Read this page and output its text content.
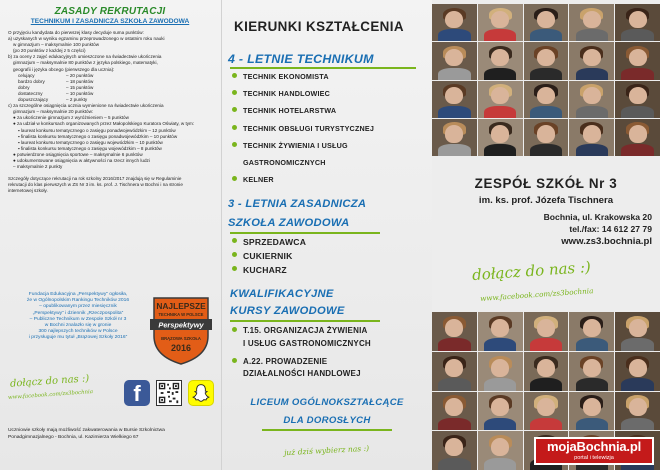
ZASADY REKRUTACJI
TECHNIKUM I ZASADNICZA SZKOŁA ZAWODOWA
O przyjęciu kandydata do pierwszej klasy decyduje suma punktów:
a) uzyskanych w wyniku egzaminu przeprowadzonego w ostatnim roku nauki
w gimnazjum – maksymalnie 100 punktów
(po 20 punktów z każdej z 5 części)
b) za oceny z zajęć edukacyjnych umieszczone na świadectwie ukończenia
gimnazjum – maksymalnie 80 punktów z języka polskiego, matematyki,
geografii i języka obcego (pierwszego dla ucznia):
celujący	– 20 punktów
bardzo dobry	– 18 punktów
dobry	– 15 punktów
dostateczny	– 10 punktów
dopuszczający	– 2 punkty
c) za szczególne osiągnięcia ucznia wymienione na świadectwie ukończenia
gimnazjum – maksymalnie 20 punktów:
● za ukończenie gimnazjum z wyróżnieniem – 5 punktów
● za udział w konkursach organizowanych przez Małopolskiego Kuratora Oświaty, w tym:
▪ laureat konkursu tematycznego o zasięgu ponadwojewódzkim – 12 punktów
▪ finalista konkursu tematycznego o zasięgu ponadwojewódzkim – 10 punktów
▪ laureat konkursu tematycznego o zasięgu wojewódzkim – 10 punktów
▪ finalista konkursu tematycznego o zasięgu wojewódzkim – 8 punktów
● potwierdzone osiągnięcia sportowe – maksymalnie 6 punktów
● udokumentowane osiągnięcia w aktywności na rzecz innych ludzi
– maksymalnie 2 punkty
Szczegóły dotyczące rekrutacji na rok szkolny 2016/2017 znajdują się w Regulaminie
rekrutacji do klas pierwszych w ZS Nr 3 im. ks. prof. J. Tischnera w Bochni i na stronie
internetowej szkoły.
Fundacja Edukacyjna „Perspektywy” ogłosiła,
że w Ogólnopolskim Rankingu Techników 2016
– opublikowanym przez miesięcznik
„Perspektywy” i dziennik „Rzeczpospolita”
– Publiczne Technikum w Zespole Szkół nr 3
w Bochni znalazło się w gronie
300 najlepszych techników w Polsce
i przysługuje mu tytuł „Brązowej Szkoły 2016”
NAJLEPSZE
TECHNIKA W POLSCE
Perspektywy
BRĄZOWA SZKOŁA
2016
dołącz do nas :)
www.facebook.com/zs3bochnia	f
Uczniowie szkoły mają możliwość zakwaterowania w Bursie Szkolnictwa
Ponadgimnazjalnego - Bochnia, ul. Kazimierza Wielkiego 67
KIERUNKI KSZTAŁCENIA
4 - LETNIE TECHNIKUM
TECHNIK EKONOMISTA
TECHNIK HANDLOWIEC
TECHNIK HOTELARSTWA
TECHNIK OBSŁUGI TURYSTYCZNEJ
TECHNIK ŻYWIENIA I USŁUG
GASTRONOMICZNYCH
KELNER
3 - LETNIA ZASADNICZA
SZKOŁA ZAWODOWA
SPRZEDAWCA
CUKIERNIK
KUCHARZ
KWALIFIKACYJNE
KURSY ZAWODOWE
T.15. ORGANIZACJA ŻYWIENIA
I USŁUG GASTRONOMICZNYCH
A.22. PROWADZENIE
DZIAŁALNOŚCI HANDLOWEJ
LICEUM OGÓLNOKSZTAŁCĄCE
DLA DOROSŁYCH
już dziś wybierz nas :)
ZESPÓŁ SZKÓŁ Nr 3
im. ks. prof. Józefa Tischnera
Bochnia, ul. Krakowska 20
tel./fax: 14 612 27 79
www.zs3.bochnia.pl
dołącz do nas :)
www.facebook.com/zs3bochnia
mojaBochnia.pl
portal i telewizja
